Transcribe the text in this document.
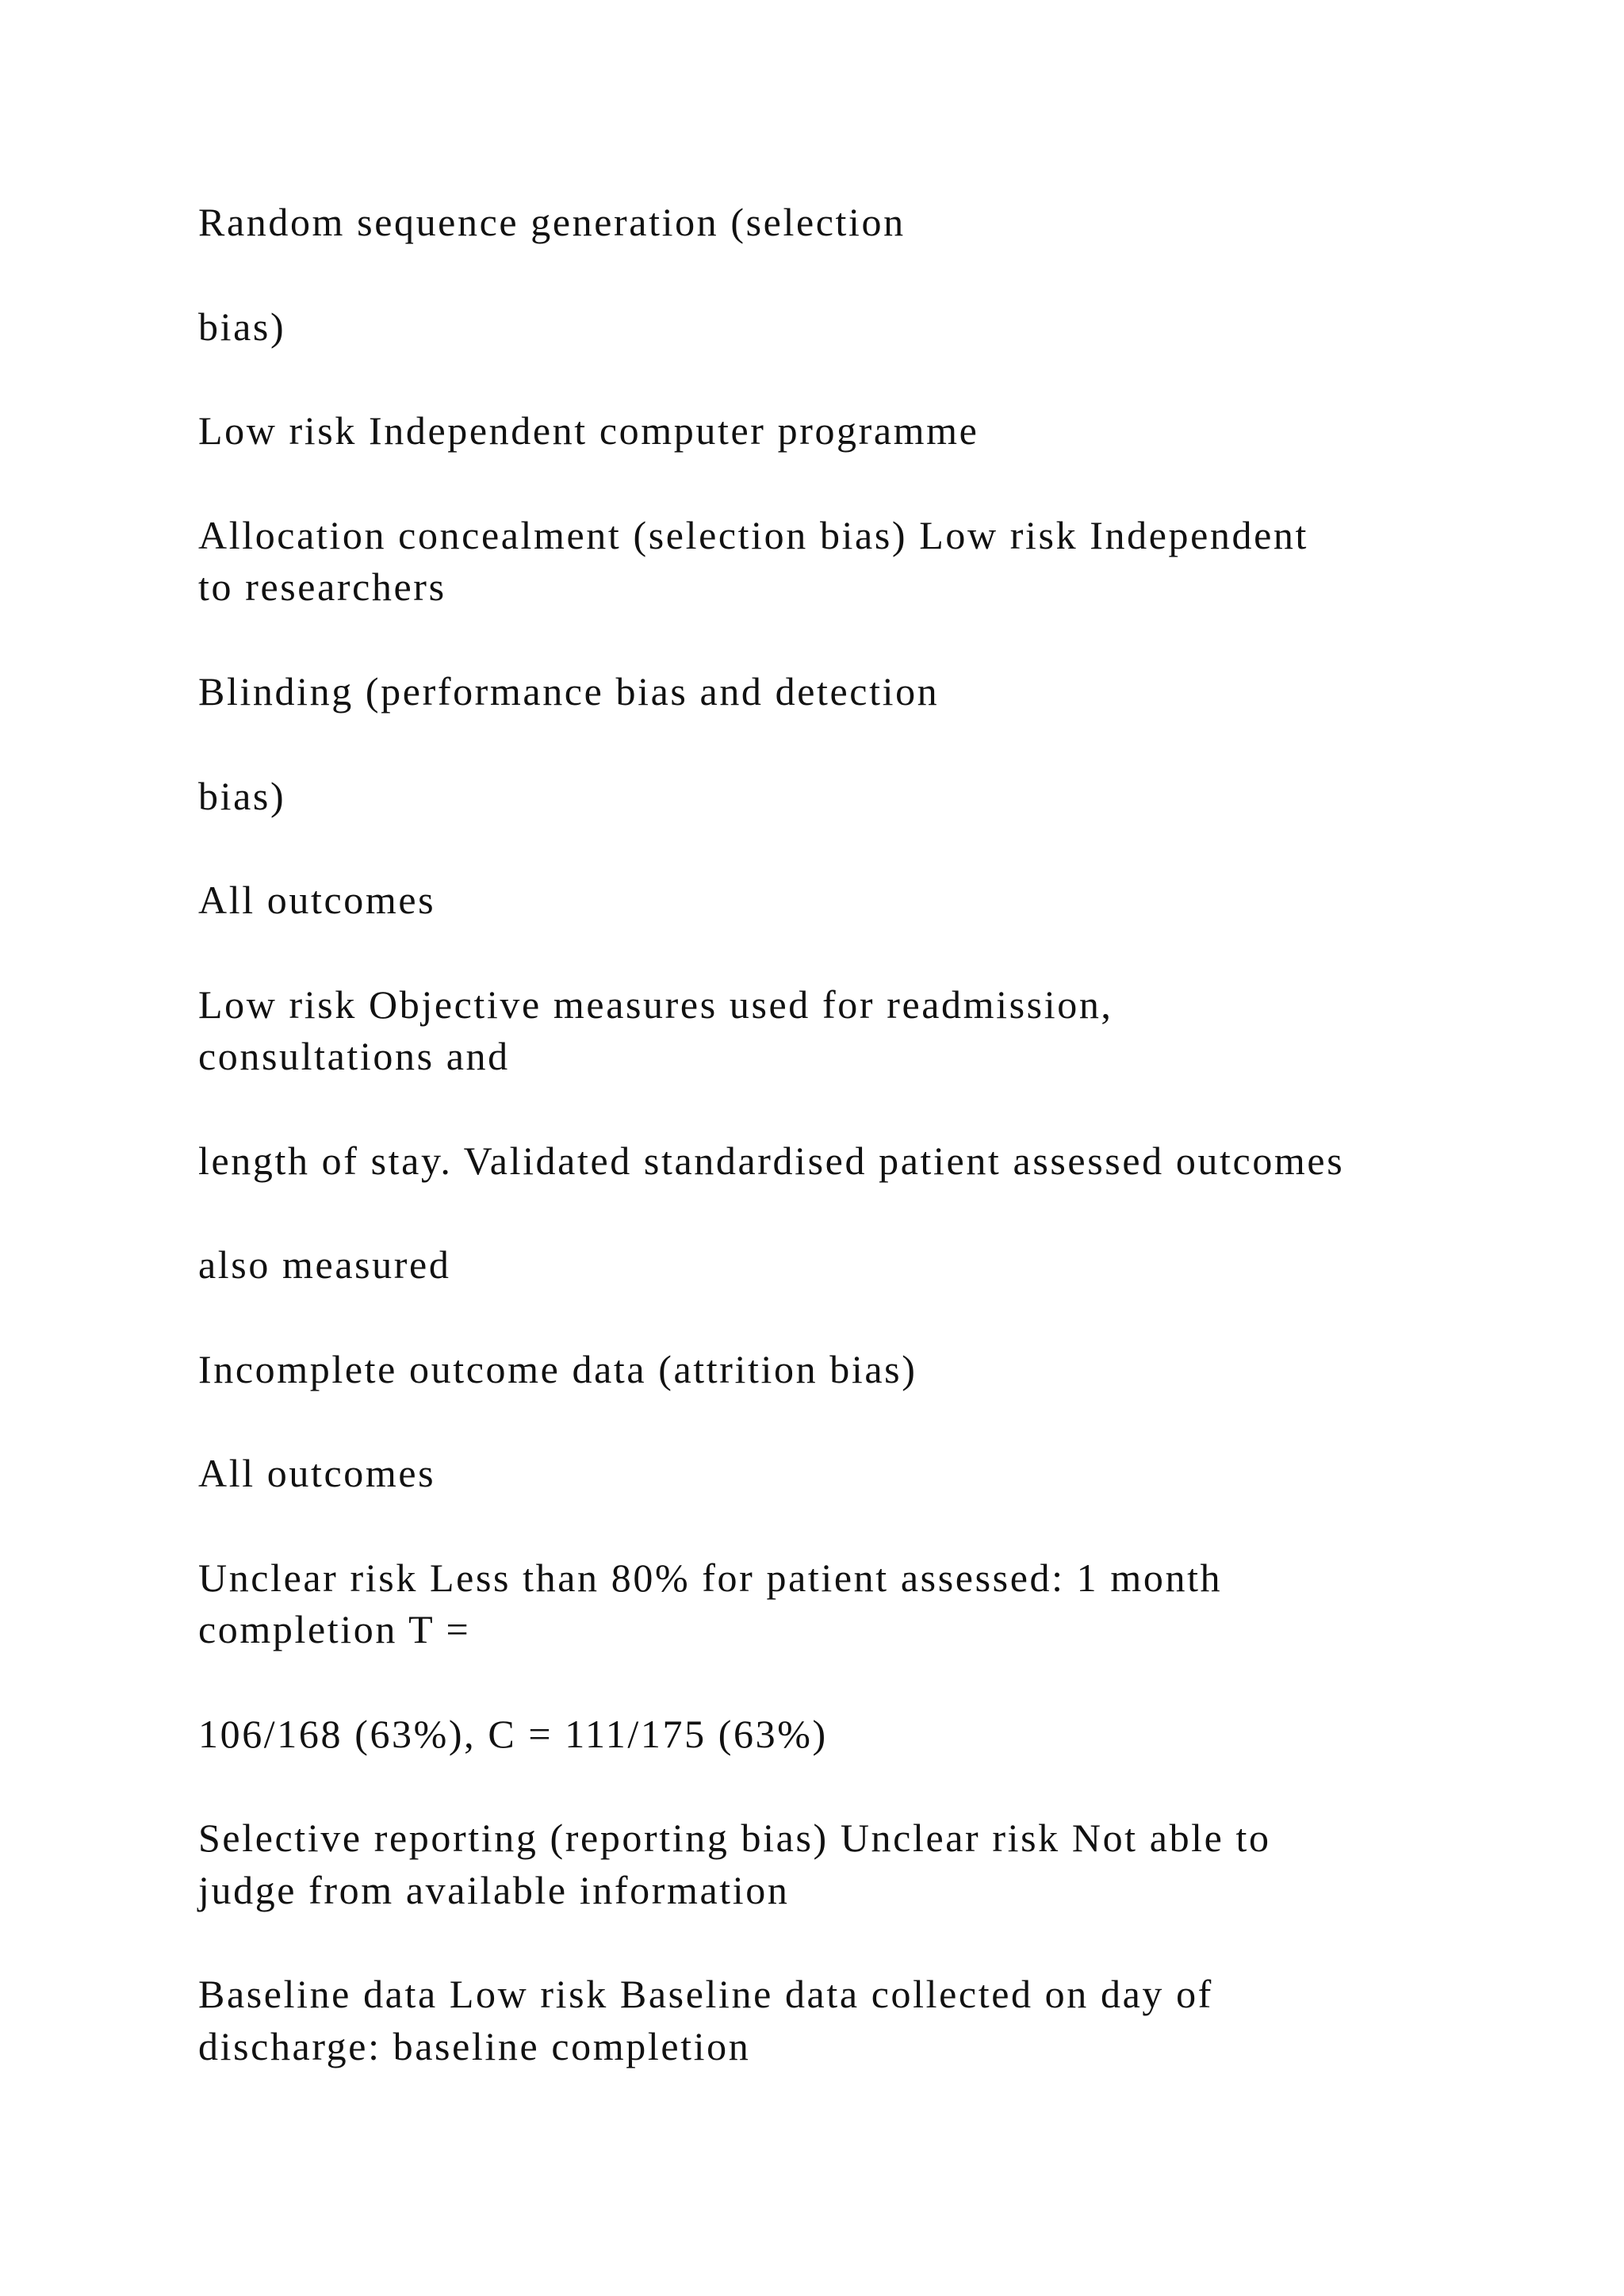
Random sequence generation (selection

bias)

Low risk Independent computer programme

Allocation concealment (selection bias) Low risk Independent

to researchers

Blinding (performance bias and detection

bias)

All outcomes

Low risk Objective measures used for readmission,

consultations and

length of stay. Validated standardised patient assessed outcomes

also measured

Incomplete outcome data (attrition bias)

All outcomes

Unclear risk Less than 80% for patient assessed: 1 month

completion T =

106/168 (63%), C = 111/175 (63%)

Selective reporting (reporting bias) Unclear risk Not able to

judge from available information

Baseline data Low risk Baseline data collected on day of

discharge: baseline completion
